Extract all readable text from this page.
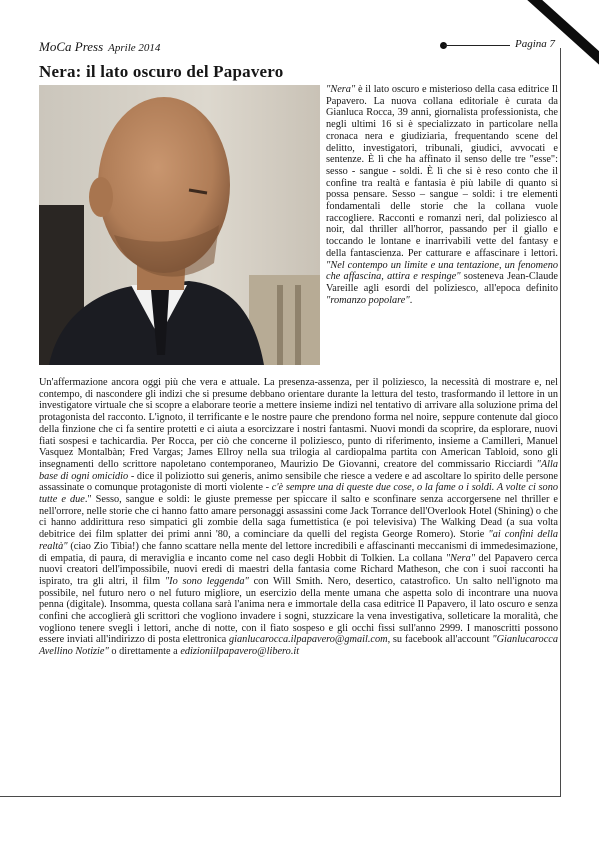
MoCa Press Aprile 2014	Pagina 7
Nera: il lato oscuro del Papavero

"Nera" è il lato oscuro e misterioso della casa editrice Il Papavero. La nuova collana editoriale è curata da Gianluca Rocca, 39 anni, giornalista professionista, che negli ultimi 16 si è specializzato in particolare nella cronaca nera e giudiziaria, frequentando scene del delitto, investigatori, tribunali, giudici, avvocati e sentenze. È lì che ha affinato il senso delle tre "esse": sesso - sangue - soldi. È lì che si è reso conto che il confine tra realtà e fantasia è più labile di quanto si possa pensare. Sesso – sangue – soldi: i tre elementi fondamentali delle storie che la collana vuole raccogliere. Racconti e romanzi neri, dal poliziesco al noir, dal thriller all'horror, passando per il giallo e toccando le lontane e inarrivabili vette del fantasy e della fantascienza. Per catturare e affascinare i lettori. "Nel contempo un limite e una tentazione, un fenomeno che affascina, attira e respinge" sosteneva Jean-Claude Vareille agli esordi del poliziesco, all'epoca definito "romanzo popolare".

Un'affermazione ancora oggi più che vera e attuale. La presenza-assenza, per il poliziesco, la necessità di mostrare e, nel contempo, di nascondere gli indizi che si presume debbano orientare durante la lettura del testo, trasformando il lettore in un investigatore virtuale che si scopre a elaborare teorie a mettere insieme indizi nel tentativo di arrivare alla soluzione prima del protagonista del racconto. L'ignoto, il terrificante e le nostre paure che prendono forma nel noire, seppure contenute dal gioco della finzione che ci fa sentire protetti e ci aiuta a esorcizzare i nostri fantasmi. Nuovi mondi da scoprire, da esplorare, nuovi fiati sospesi e tachicardia. Per Rocca, per ciò che concerne il poliziesco, punto di riferimento, insieme a Camilleri, Manuel Vasquez Montalbàn; Fred Vargas; James Ellroy nella sua trilogia al cardiopalma partita con American Tabloid, sono gli insegnamenti dello scrittore napoletano contemporaneo, Maurizio De Giovanni, creatore del commissario Ricciardi "Alla base di ogni omicidio - dice il poliziotto sui generis, animo sensibile che riesce a vedere e ad ascoltare lo spirito delle persone assassinate o comunque protagoniste di morti violente - c'è sempre una di queste due cose, o la fame o i soldi. A volte ci sono tutte e due." Sesso, sangue e soldi: le giuste premesse per spiccare il salto e sconfinare senza accorgersene nel thriller e nell'orrore, nelle storie che ci hanno fatto amare personaggi assassini come Jack Torrance dell'Overlook Hotel (Shining) o che ci hanno addirittura reso simpatici gli zombie della saga fumettistica (e poi televisiva) The Walking Dead (a sua volta debitrice dei film splatter dei primi anni '80, a cominciare da quelli del regista George Romero). Storie "ai confini della realtà" (ciao Zio Tibia!) che fanno scattare nella mente del lettore incredibili e affascinanti meccanismi di immedesimazione, di empatia, di paura, di meraviglia e incanto come nel caso degli Hobbit di Tolkien. La collana "Nera" del Papavero cerca nuovi creatori dell'impossibile, nuovi eredi di maestri della fantasia come Richard Matheson, che con i suoi racconti ha ispirato, tra gli altri, il film "Io sono leggenda" con Will Smith. Nero, desertico, catastrofico. Un salto nell'ignoto ma possibile, nel futuro nero o nel futuro migliore, un esercizio della mente umana che aspetta solo di incontrare una nuova penna (digitale). Insomma, questa collana sarà l'anima nera e immortale della casa editrice Il Papavero, il lato oscuro e senza confini che accoglierà gli scrittori che vogliono invadere i sogni, stuzzicare la vena investigativa, solleticare la moralità, che vogliono tenere svegli i lettori, anche di notte, con il fiato sospeso e gli occhi fissi sull'anno 2999. I manoscritti possono essere inviati all'indirizzo di posta elettronica gianlucarocca.ilpapavero@gmail.com, su facebook all'account "Gianlucarocca Avellino Notizie" o direttamente a edizioniilpapavero@libero.it
